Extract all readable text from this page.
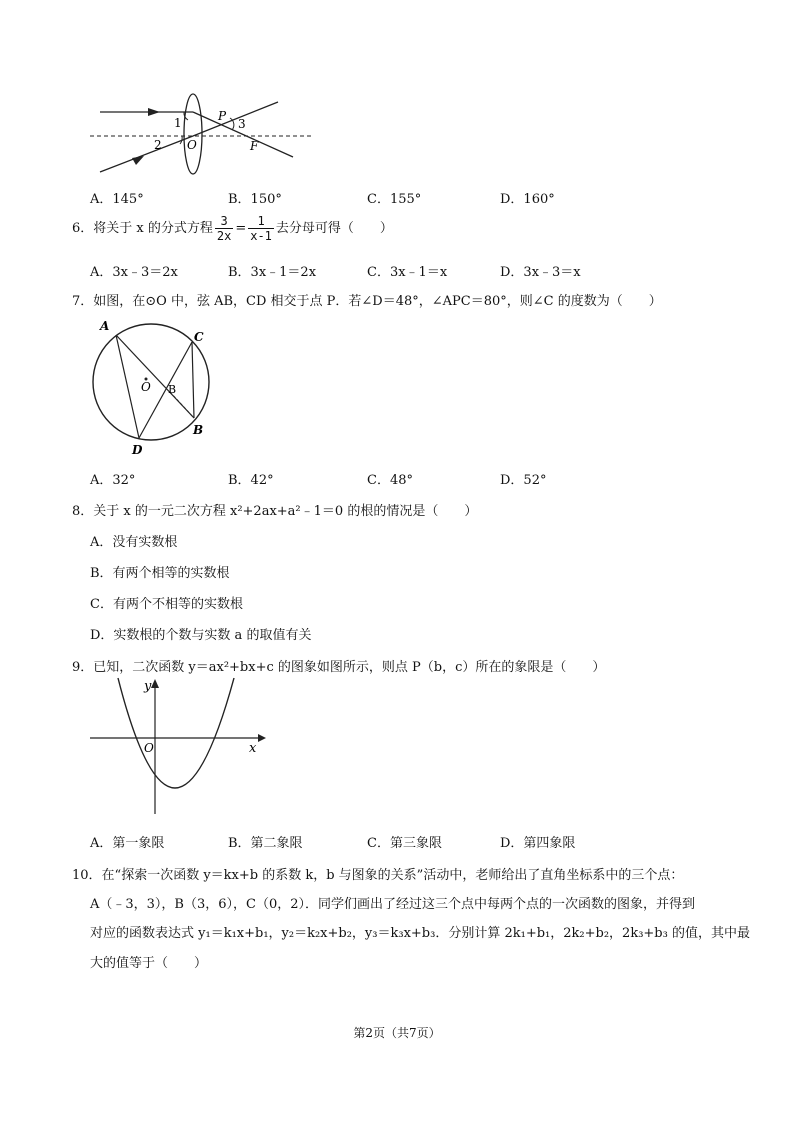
1
2
3
P
O	F
A．145°	B．150°	C．155°	D．160°
6．将关于 x 的分式方程 $\frac{3}{2x} = \frac{1}{x-1}$ 去分母可得（　　）
A．3x﹣3＝2x	B．3x﹣1＝2x	C．3x﹣1＝x	D．3x﹣3＝x
7．如图，在⊙O 中，弦 AB，CD 相交于点 P．若∠D＝48°，∠APC＝80°，则∠C 的度数为（　　）
A
C
O B
D
B
A．32°	B．42°	C．48°	D．52°
8．关于 x 的一元二次方程 x²+2ax+a²﹣1＝0 的根的情况是（　　）
A．没有实数根
B．有两个相等的实数根
C．有两个不相等的实数根
D．实数根的个数与实数 a 的取值有关
9．已知，二次函数 y＝ax²+bx+c 的图象如图所示，则点 P（b，c）所在的象限是（　　）
y
O	x
A．第一象限	B．第二象限	C．第三象限	D．第四象限
10．在“探索一次函数 y＝kx+b 的系数 k，b 与图象的关系”活动中，老师给出了直角坐标系中的三个点：
A（﹣3，3），B（3，6），C（0，2）．同学们画出了经过这三个点中每两个点的一次函数的图象，并得到
对应的函数表达式 y₁＝k₁x+b₁，y₂＝k₂x+b₂，y₃＝k₃x+b₃．分别计算 2k₁+b₁，2k₂+b₂，2k₃+b₃ 的值，其中最
大的值等于（　　）
第2页（共7页）
